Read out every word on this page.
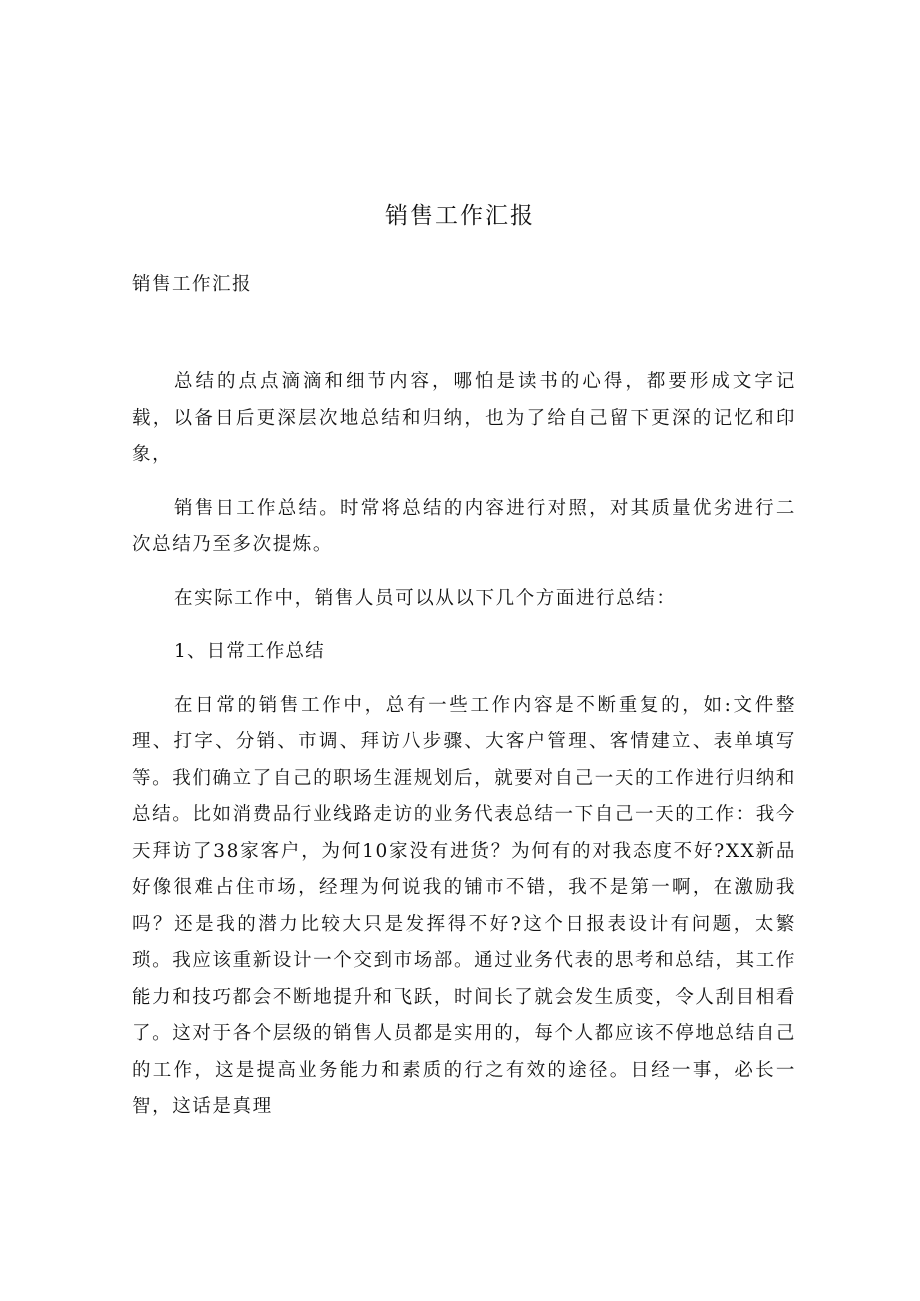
销售工作汇报

销售工作汇报

总结的点点滴滴和细节内容，哪怕是读书的心得，都要形成文字记载，以备日后更深层次地总结和归纳，也为了给自己留下更深的记忆和印象，

销售日工作总结。时常将总结的内容进行对照，对其质量优劣进行二次总结乃至多次提炼。

在实际工作中，销售人员可以从以下几个方面进行总结：

1、日常工作总结

在日常的销售工作中，总有一些工作内容是不断重复的，如:文件整理、打字、分销、市调、拜访八步骤、大客户管理、客情建立、表单填写等。我们确立了自己的职场生涯规划后，就要对自己一天的工作进行归纳和总结。比如消费品行业线路走访的业务代表总结一下自己一天的工作：我今天拜访了38家客户，为何10家没有进货？为何有的对我态度不好?XX新品好像很难占住市场，经理为何说我的铺市不错，我不是第一啊，在激励我吗？还是我的潜力比较大只是发挥得不好?这个日报表设计有问题，太繁琐。我应该重新设计一个交到市场部。通过业务代表的思考和总结，其工作能力和技巧都会不断地提升和飞跃，时间长了就会发生质变，令人刮目相看了。这对于各个层级的销售人员都是实用的，每个人都应该不停地总结自己的工作，这是提高业务能力和素质的行之有效的途径。日经一事，必长一智，这话是真理
